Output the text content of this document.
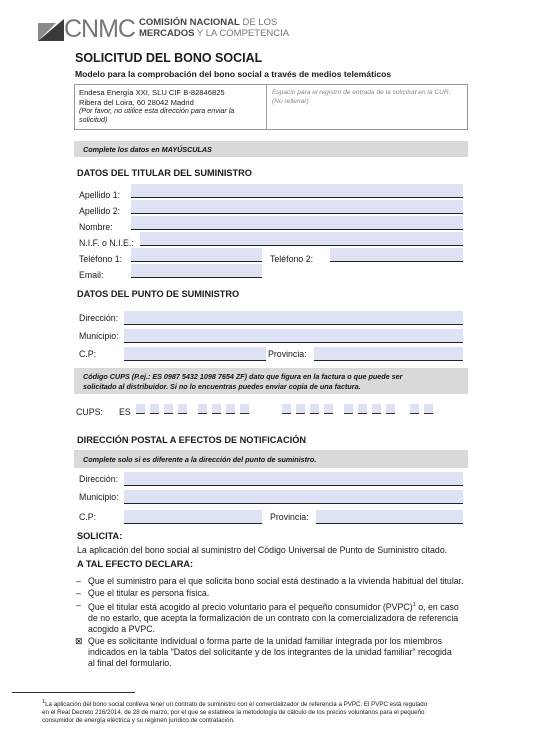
CNMC COMISIÓN NACIONAL DE LOS
MERCADOS Y LA COMPETENCIA
SOLICITUD DEL BONO SOCIAL
Modelo para la comprobación del bono social a través de medios telemáticos
Endesa Energía XXI, SLU CIF B-82846825
Ribera del Loira, 60 28042 Madrid
(Por favor, no utilice esta dirección para enviar la solicitud)
Espacio para el registro de entrada de la solicitud en la CUR. (No rellenar)
Complete los datos en MAYÚSCULAS
DATOS DEL TITULAR DEL SUMINISTRO
Apellido 1:
Apellido 2:
Nombre:
N.I.F. o N.I.E.:
Teléfono 1:	Teléfono 2:
Email:
DATOS DEL PUNTO DE SUMINISTRO
Dirección:
Municipio:
C.P:	Provincia:
Código CUPS (P.ej.: ES 0987 5432 1098 7654 ZF) dato que figura en la factura o que puede ser
solicitado al distribuidor. Si no lo encuentras puedes enviar copia de una factura.
CUPS: ES
DIRECCIÓN POSTAL A EFECTOS DE NOTIFICACIÓN
Complete solo si es diferente a la dirección del punto de suministro.
Dirección:
Municipio:
C.P:	Provincia:
SOLICITA:
La aplicación del bono social al suministro del Código Universal de Punto de Suministro citado.
A TAL EFECTO DECLARA:
– Que el suministro para el que solicita bono social está destinado a la vivienda habitual del titular.
– Que el titular es persona física.
– Que el titular está acogido al precio voluntario para el pequeño consumidor (PVPC)$^1$ o, en caso
de no estarlo, que acepta la formalización de un contrato con la comercializadora de referencia
acogido a PVPC.
⊠ Que es solicitante individual o forma parte de la unidad familiar integrada por los miembros
indicados en la tabla "Datos del solicitante y de los integrantes de la unidad familiar" recogida
al final del formulario.
$^1$La aplicación del bono social conlleva tener un contrato de suministro con el comercializador de referencia a PVPC. El PVPC está regulado
en el Real Decreto 216/2014, de 28 de marzo, por el que se establece la metodología de cálculo de los precios voluntarios para el pequeño
consumidor de energía eléctrica y su régimen jurídico de contratación.
